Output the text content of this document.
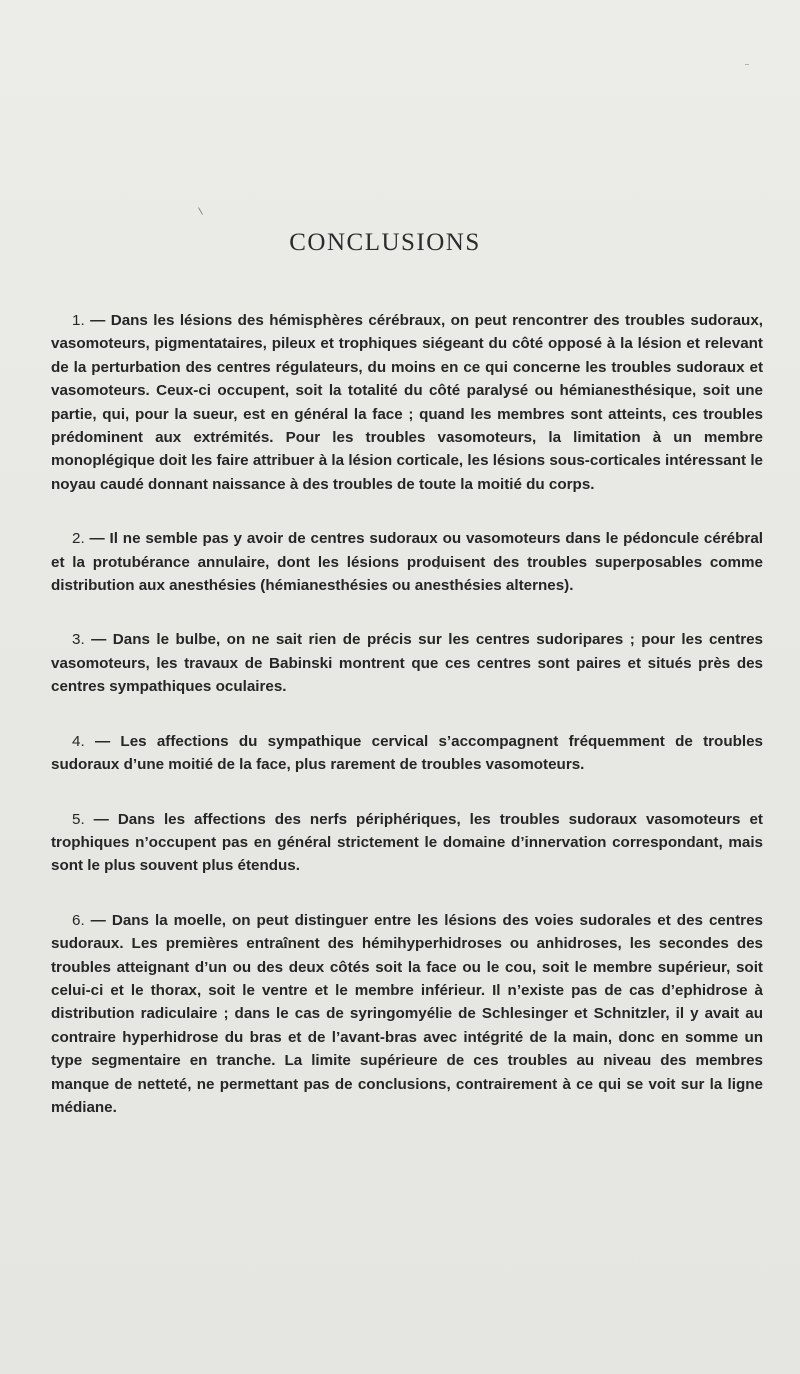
CONCLUSIONS

1. — Dans les lésions des hémisphères cérébraux, on peut rencontrer des troubles sudoraux, vasomoteurs, pigmentataires, pileux et trophiques siégeant du côté opposé à la lésion et relevant de la perturbation des centres régulateurs, du moins en ce qui concerne les troubles sudoraux et vasomoteurs. Ceux-ci occupent, soit la totalité du côté paralysé ou hémianesthésique, soit une partie, qui, pour la sueur, est en général la face ; quand les membres sont atteints, ces troubles prédominent aux extrémités. Pour les troubles vasomoteurs, la limitation à un membre monoplégique doit les faire attribuer à la lésion corticale, les lésions sous-corticales intéressant le noyau caudé donnant naissance à des troubles de toute la moitié du corps.

2. — Il ne semble pas y avoir de centres sudoraux ou vasomoteurs dans le pédoncule cérébral et la protubérance annulaire, dont les lésions produisent des troubles superposables comme distribution aux anesthésies (hémianesthésies ou anesthésies alternes).

3. — Dans le bulbe, on ne sait rien de précis sur les centres sudoripares ; pour les centres vasomoteurs, les travaux de Babinski montrent que ces centres sont paires et situés près des centres sympathiques oculaires.

4. — Les affections du sympathique cervical s’accompagnent fréquemment de troubles sudoraux d’une moitié de la face, plus rarement de troubles vasomoteurs.

5. — Dans les affections des nerfs périphériques, les troubles sudoraux vasomoteurs et trophiques n’occupent pas en général strictement le domaine d’innervation correspondant, mais sont le plus souvent plus étendus.

6. — Dans la moelle, on peut distinguer entre les lésions des voies sudorales et des centres sudoraux. Les premières entraînent des hémihyperhidroses ou anhidroses, les secondes des troubles atteignant d’un ou des deux côtés soit la face ou le cou, soit le membre supérieur, soit celui-ci et le thorax, soit le ventre et le membre inférieur. Il n’existe pas de cas d’ephidrose à distribution radiculaire ; dans le cas de syringomyélie de Schlesinger et Schnitzler, il y avait au contraire hyperhidrose du bras et de l’avant-bras avec intégrité de la main, donc en somme un type segmentaire en tranche. La limite supérieure de ces troubles au niveau des membres manque de netteté, ne permettant pas de conclusions, contrairement à ce qui se voit sur la ligne médiane.
